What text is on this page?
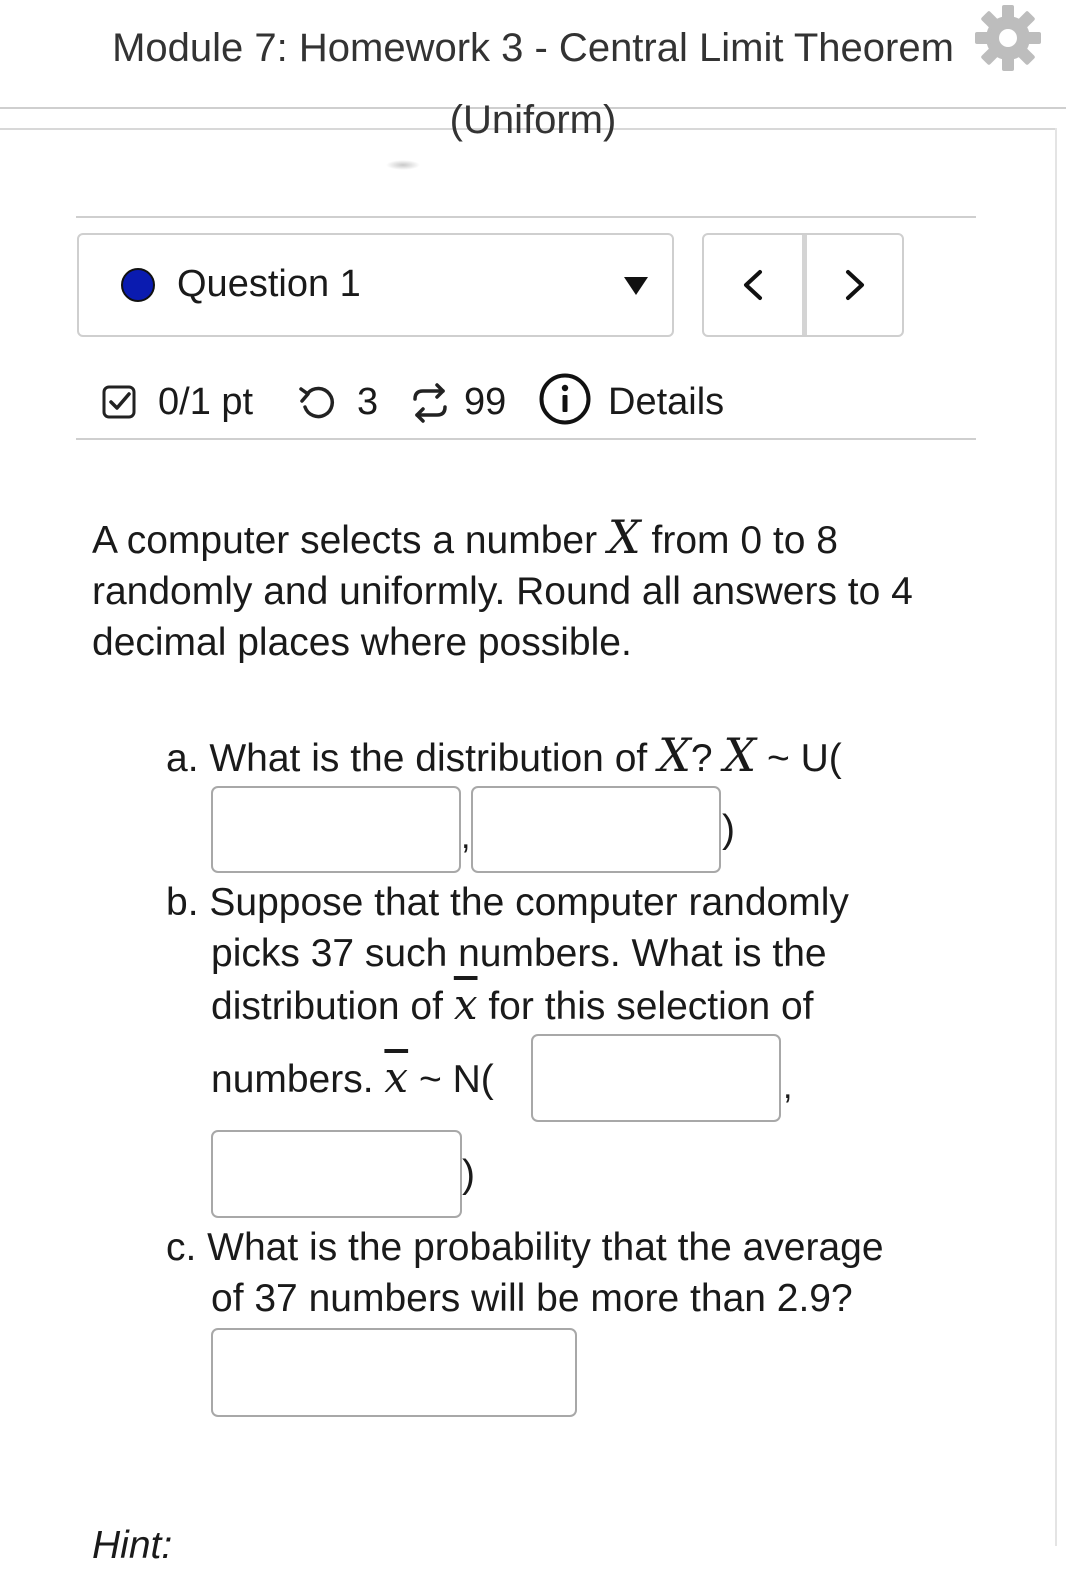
Module 7: Homework 3 - Central Limit Theorem
(Uniform)
Question 1
0/1 pt	3 99	Details

A computer selects a number X from 0 to 8 randomly and uniformly. Round all answers to 4 decimal places where possible.

a. What is the distribution of X? X ~ U(
,	)
b. Suppose that the computer randomly
picks 37 such numbers. What is the
distribution of $\overline{x}$ for this selection of
numbers. $\overline{x}$ ~ N(	,
)
c. What is the probability that the average
of 37 numbers will be more than 2.9?
Hint:
